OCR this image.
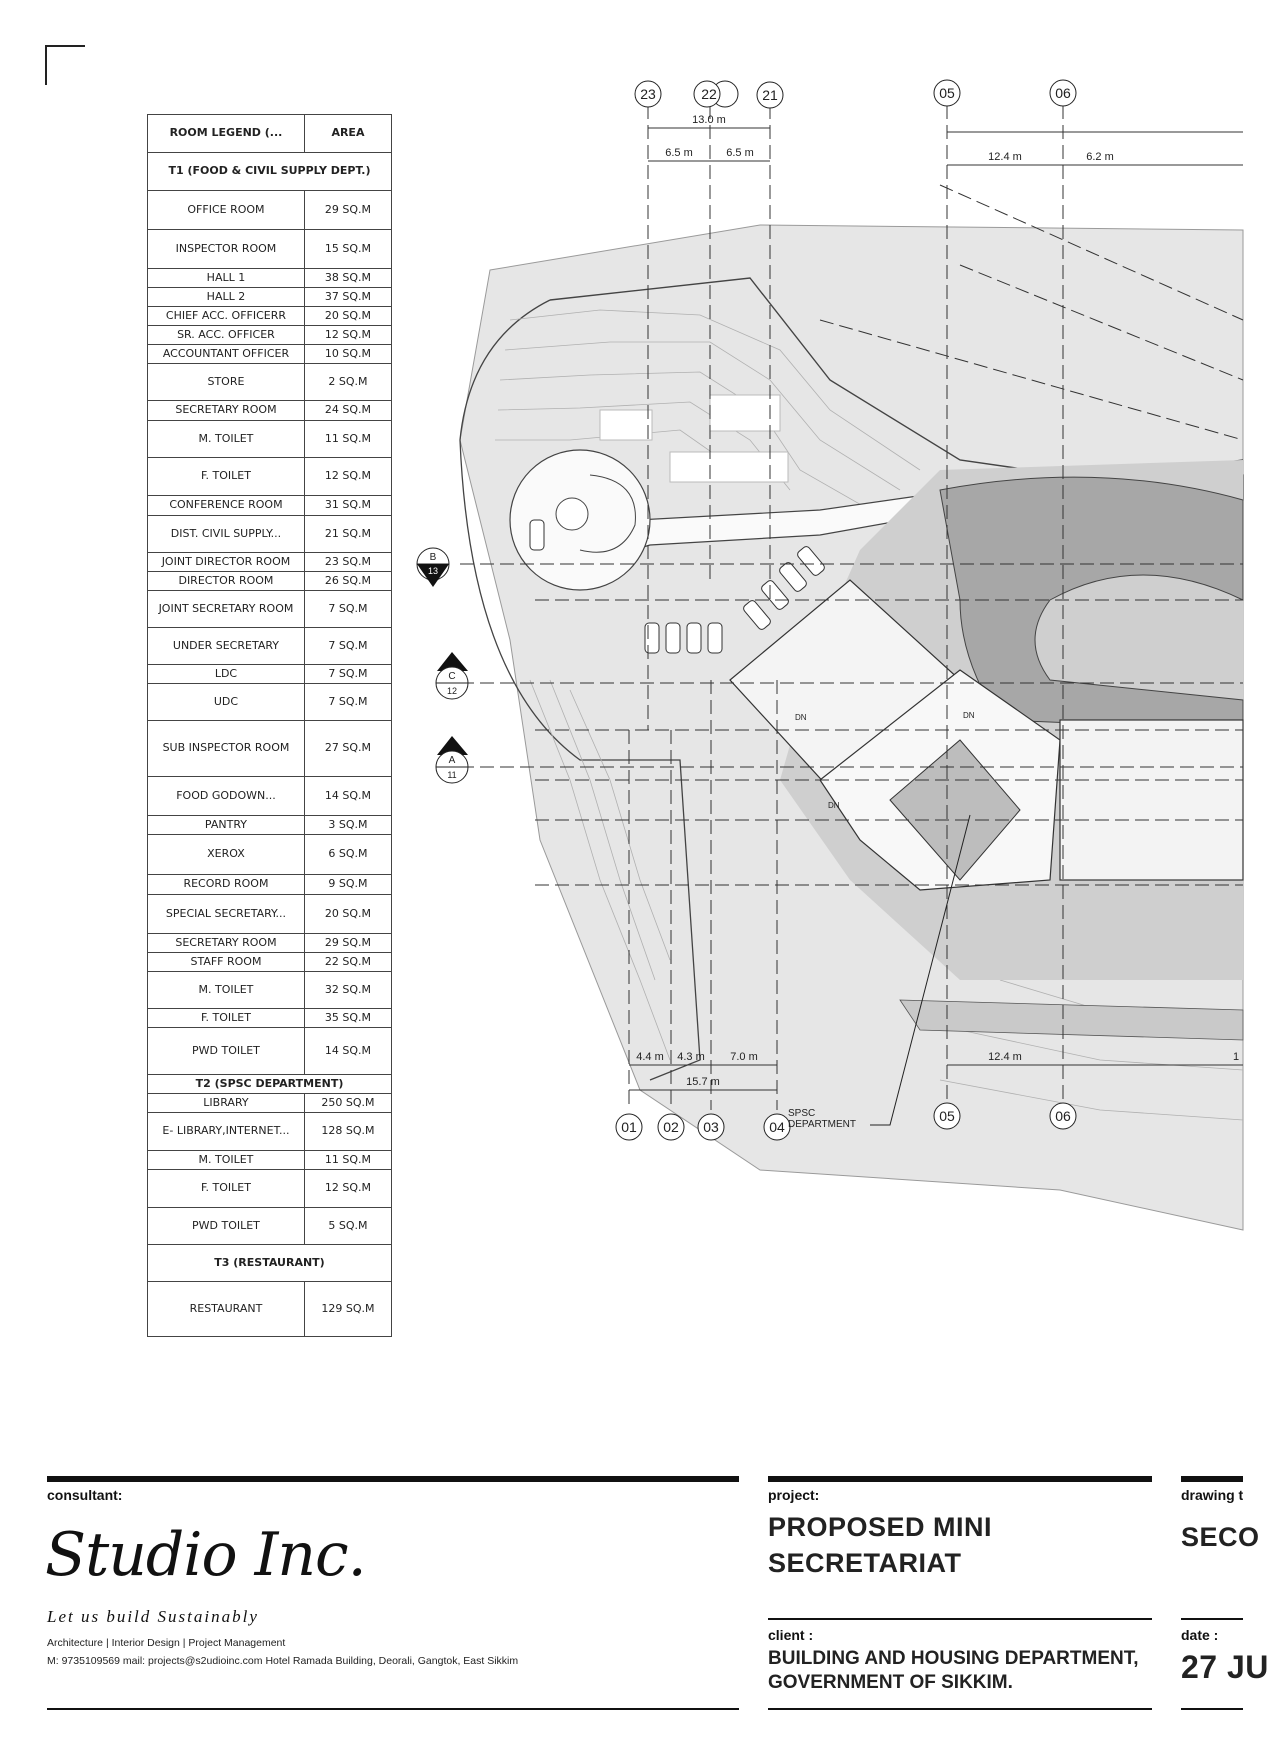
ROOM LEGEND (...	AREA
T1 (FOOD & CIVIL SUPPLY DEPT.)	
OFFICE ROOM	29 SQ.M
INSPECTOR ROOM	15 SQ.M
HALL 1	38 SQ.M
HALL 2	37 SQ.M
CHIEF ACC. OFFICERR	20 SQ.M
SR. ACC. OFFICER	12 SQ.M
ACCOUNTANT OFFICER	10 SQ.M
STORE	2 SQ.M
SECRETARY ROOM	24 SQ.M
M. TOILET	11 SQ.M
F. TOILET	12 SQ.M
CONFERENCE ROOM	31 SQ.M
DIST. CIVIL SUPPLY...	21 SQ.M
JOINT DIRECTOR ROOM	23 SQ.M
DIRECTOR ROOM	26 SQ.M
JOINT SECRETARY ROOM	7 SQ.M
UNDER SECRETARY	7 SQ.M
LDC	7 SQ.M
UDC	7 SQ.M
SUB INSPECTOR ROOM	27 SQ.M
FOOD GODOWN...	14 SQ.M
PANTRY	3 SQ.M
XEROX	6 SQ.M
RECORD ROOM	9 SQ.M
SPECIAL SECRETARY...	20 SQ.M
SECRETARY ROOM	29 SQ.M
STAFF ROOM	22 SQ.M
M. TOILET	32 SQ.M
F. TOILET	35 SQ.M
PWD TOILET	14 SQ.M
T2 (SPSC DEPARTMENT)	
LIBRARY	250 SQ.M
E- LIBRARY,INTERNET...	128 SQ.M
M. TOILET	11 SQ.M
F. TOILET	12 SQ.M
PWD TOILET	5 SQ.M
T3 (RESTAURANT)	
RESTAURANT	129 SQ.M
13.0 m
6.5 m	6.5 m	12.4 m	6.2 m
4.4 m 4.3 m 7.0 m
15.7 m
12.4 m	1
23	22	21	05	06
01 02 03	04
05	06
B
13
C
12
A
11
DN	DN
DN
SPSC DEPARTMENT
consultant:
Studio Inc.
Let us build Sustainably
Architecture | Interior Design | Project Management
M: 9735109569 mail: projects@s2udioinc.com Hotel Ramada Building, Deorali, Gangtok, East Sikkim
project:
PROPOSED MINI
SECRETARIAT
client :
BUILDING AND HOUSING DEPARTMENT,
GOVERNMENT OF SIKKIM.
drawing t
SECO
date :
27 JU
